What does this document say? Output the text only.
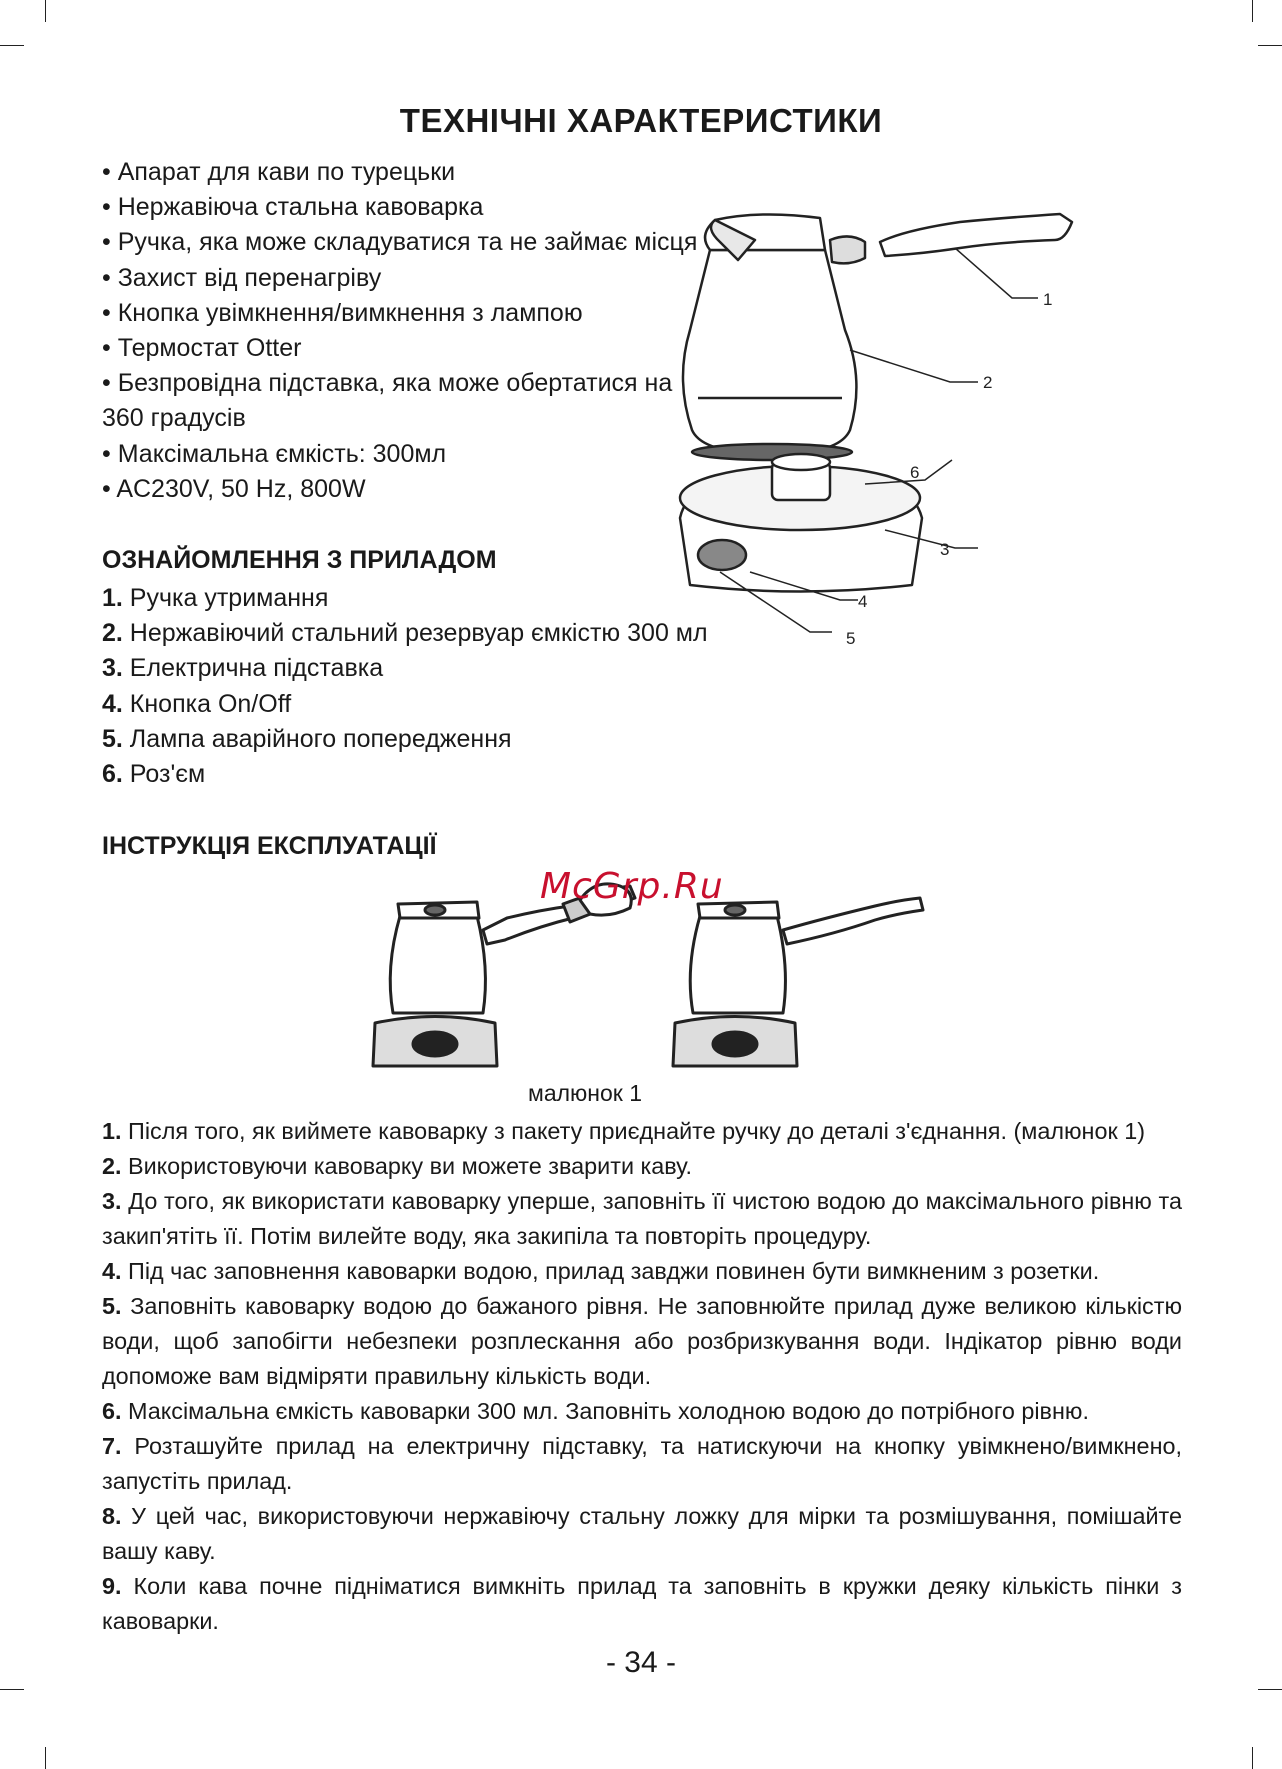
ТЕХНІЧНІ ХАРАКТЕРИСТИКИ
• Апарат для кави по турецьки
• Нержавіюча стальна кавоварка
• Ручка, яка може складуватися та не займає місця
• Захист від перенагріву
• Кнопка увімкнення/вимкнення з лампою
• Термостат Otter
• Безпровідна підставка, яка може обертатися на
360 градусів
• Максімальна ємкість: 300мл
• AC230V, 50 Hz, 800W
ОЗНАЙОМЛЕННЯ З ПРИЛАДОМ
1. Ручка утримання
2. Нержавіючий стальний резервуар ємкістю 300 мл
3. Електрична підставка
4. Кнопка On/Off
5. Лампа аварійного попередження
6. Роз'єм
1
2
6
3
4
5
ІНСТРУКЦІЯ ЕКСПЛУАТАЦІЇ
McGrp.Ru
малюнок 1

1. Після того, як виймете кавоварку з пакету приєднайте ручку до деталі з'єднання. (малюнок 1)

2. Використовуючи кавоварку ви можете зварити каву.

3. До того, як використати кавоварку уперше, заповніть її чистою водою до максімального рівню та закип'ятіть її. Потім вилейте воду, яка закипіла та повторіть процедуру.

4. Під час заповнення кавоварки водою, прилад завджи повинен бути вимкненим з розетки.

5. Заповніть кавоварку водою до бажаного рівня. Не заповнюйте прилад дуже великою кількістю води, щоб запобігти небезпеки розплескання або розбризкування води. Індікатор рівню води допоможе вам відміряти правильну кількість води.

6. Максімальна ємкість кавоварки 300 мл. Заповніть холодною водою до потрібного рівню.

7. Розташуйте прилад на електричну підставку, та натискуючи на кнопку увімкнено/вимкнено, запустіть прилад.

8. У цей час, використовуючи нержавіючу стальну ложку для мірки та розмішування, помішайте вашу каву.

9. Коли кава почне підніматися вимкніть прилад та заповніть в кружки деяку кількість пінки з кавоварки.

- 34 -
